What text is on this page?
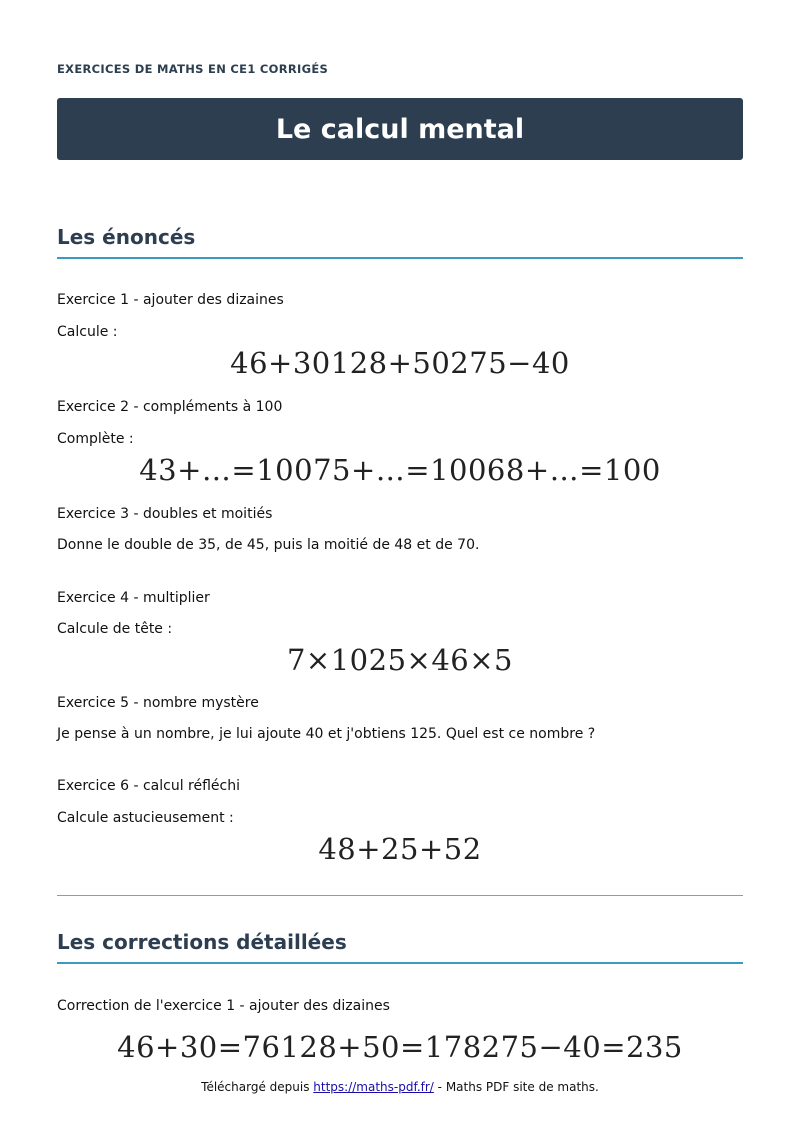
EXERCICES DE MATHS EN CE1 CORRIGÉS
Le calcul mental
Les énoncés
Exercice 1 - ajouter des dizaines
Calcule :
46+30128+50275−40
Exercice 2 - compléments à 100
Complète :
43+…=10075+…=10068+…=100
Exercice 3 - doubles et moitiés
Donne le double de 35, de 45, puis la moitié de 48 et de 70.
Exercice 4 - multiplier
Calcule de tête :
7×1025×46×5
Exercice 5 - nombre mystère
Je pense à un nombre, je lui ajoute 40 et j'obtiens 125. Quel est ce nombre ?
Exercice 6 - calcul réfléchi
Calcule astucieusement :
48+25+52
Les corrections détaillées
Correction de l'exercice 1 - ajouter des dizaines
46+30=76128+50=178275−40=235
Téléchargé depuis https://maths-pdf.fr/ - Maths PDF site de maths.
